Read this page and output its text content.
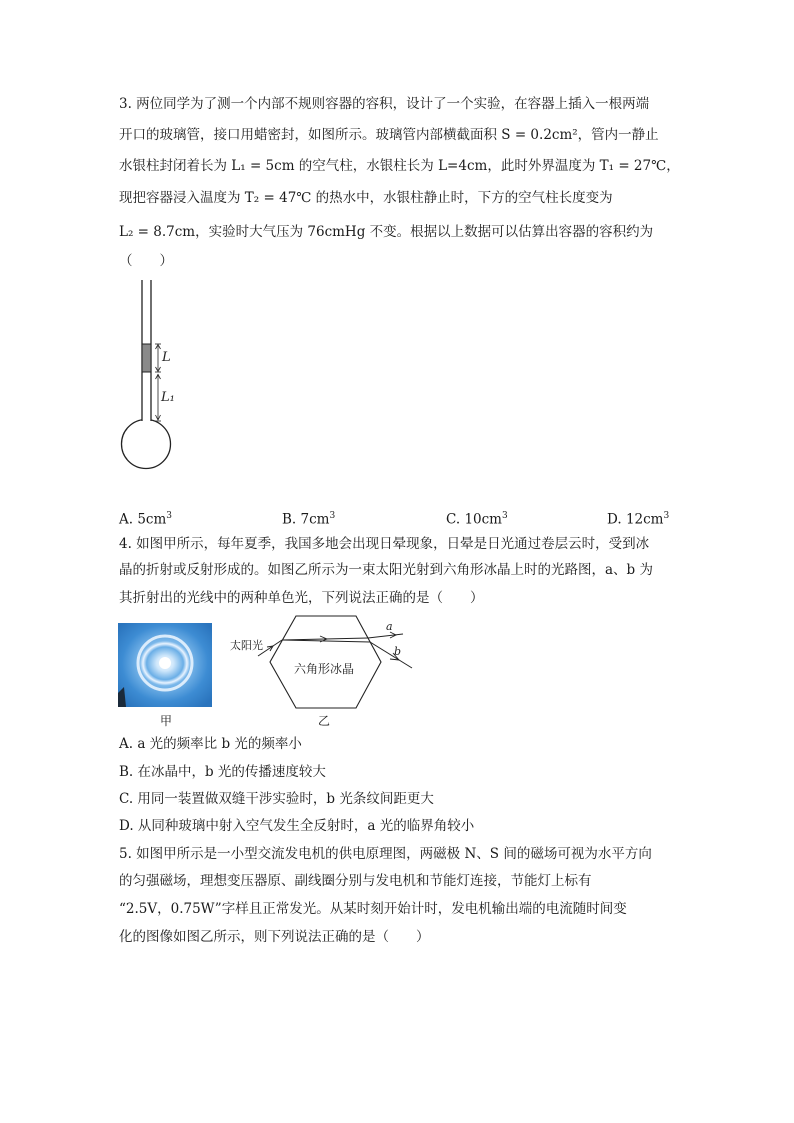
3. 两位同学为了测一个内部不规则容器的容积，设计了一个实验，在容器上插入一根两端
开口的玻璃管，接口用蜡密封，如图所示。玻璃管内部横截面积 S = 0.2cm²，管内一静止
水银柱封闭着长为 L₁ = 5cm 的空气柱，水银柱长为 L=4cm，此时外界温度为 T₁ = 27℃，
现把容器浸入温度为 T₂ = 47℃ 的热水中，水银柱静止时，下方的空气柱长度变为
L₂ = 8.7cm，实验时大气压为 76cmHg 不变。根据以上数据可以估算出容器的容积约为
（　　）
L
L₁
A. $5cm^3$	B. $7cm^3$	C. $10cm^3$	D. $12cm^3$
4. 如图甲所示，每年夏季，我国多地会出现日晕现象，日晕是日光通过卷层云时，受到冰
晶的折射或反射形成的。如图乙所示为一束太阳光射到六角形冰晶上时的光路图，a、b 为
其折射出的光线中的两种单色光，下列说法正确的是（　　）
甲
太阳光
六角形冰晶
a
b
乙
A. a 光的频率比 b 光的频率小
B. 在冰晶中，b 光的传播速度较大
C. 用同一装置做双缝干涉实验时，b 光条纹间距更大
D. 从同种玻璃中射入空气发生全反射时，a 光的临界角较小
5. 如图甲所示是一小型交流发电机的供电原理图，两磁极 N、S 间的磁场可视为水平方向
的匀强磁场，理想变压器原、副线圈分别与发电机和节能灯连接，节能灯上标有
“2.5V，0.75W”字样且正常发光。从某时刻开始计时，发电机输出端的电流随时间变
化的图像如图乙所示，则下列说法正确的是（　　）
